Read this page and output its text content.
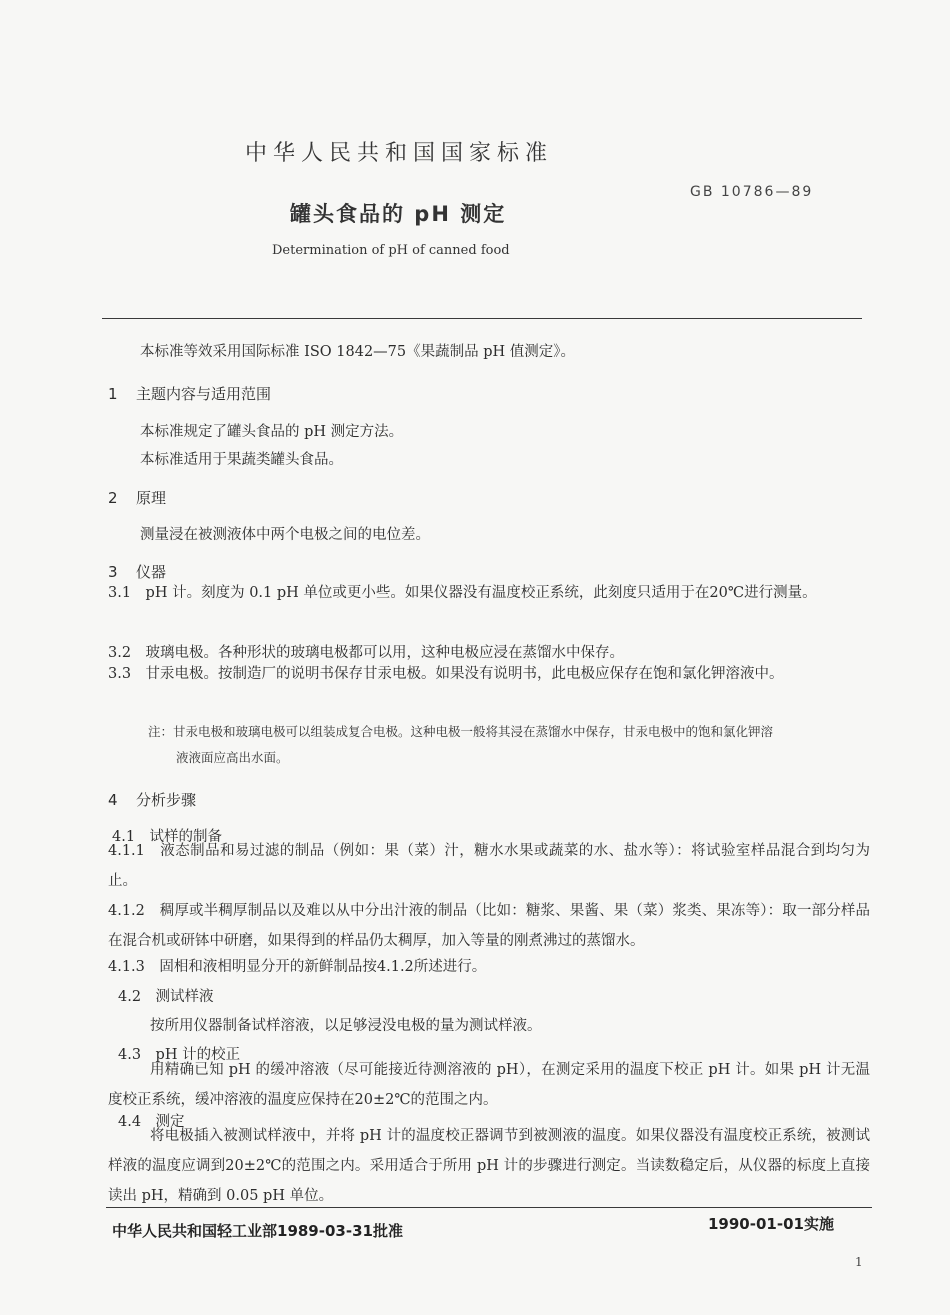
中华人民共和国国家标准
GB 10786—89
罐头食品的 pH 测定
Determination of pH of canned food
本标准等效采用国际标准 ISO 1842—75《果蔬制品 pH 值测定》。
1 主题内容与适用范围
本标准规定了罐头食品的 pH 测定方法。
本标准适用于果蔬类罐头食品。
2 原理
测量浸在被测液体中两个电极之间的电位差。
3 仪器
3.1　pH 计。刻度为 0.1 pH 单位或更小些。如果仪器没有温度校正系统，此刻度只适用于在20℃进行测量。
3.2　玻璃电极。各种形状的玻璃电极都可以用，这种电极应浸在蒸馏水中保存。
3.3　甘汞电极。按制造厂的说明书保存甘汞电极。如果没有说明书，此电极应保存在饱和氯化钾溶液中。
注：甘汞电极和玻璃电极可以组装成复合电极。这种电极一般将其浸在蒸馏水中保存，甘汞电极中的饱和氯化钾溶
液液面应高出水面。
4 分析步骤
4.1　试样的制备
4.1.1　液态制品和易过滤的制品（例如：果（菜）汁，糖水水果或蔬菜的水、盐水等）：将试验室样品混合到均匀为止。
4.1.2　稠厚或半稠厚制品以及难以从中分出汁液的制品（比如：糖浆、果酱、果（菜）浆类、果冻等）：取一部分样品在混合机或研钵中研磨，如果得到的样品仍太稠厚，加入等量的刚煮沸过的蒸馏水。
4.1.3　固相和液相明显分开的新鲜制品按4.1.2所述进行。
4.2　测试样液
按所用仪器制备试样溶液，以足够浸没电极的量为测试样液。
4.3　pH 计的校正
用精确已知 pH 的缓冲溶液（尽可能接近待测溶液的 pH），在测定采用的温度下校正 pH 计。如果 pH 计无温度校正系统，缓冲溶液的温度应保持在20±2℃的范围之内。
4.4　测定
将电极插入被测试样液中，并将 pH 计的温度校正器调节到被测液的温度。如果仪器没有温度校正系统，被测试样液的温度应调到20±2℃的范围之内。采用适合于所用 pH 计的步骤进行测定。当读数稳定后，从仪器的标度上直接读出 pH，精确到 0.05 pH 单位。
中华人民共和国轻工业部1989-03-31批准	1990-01-01实施
1
